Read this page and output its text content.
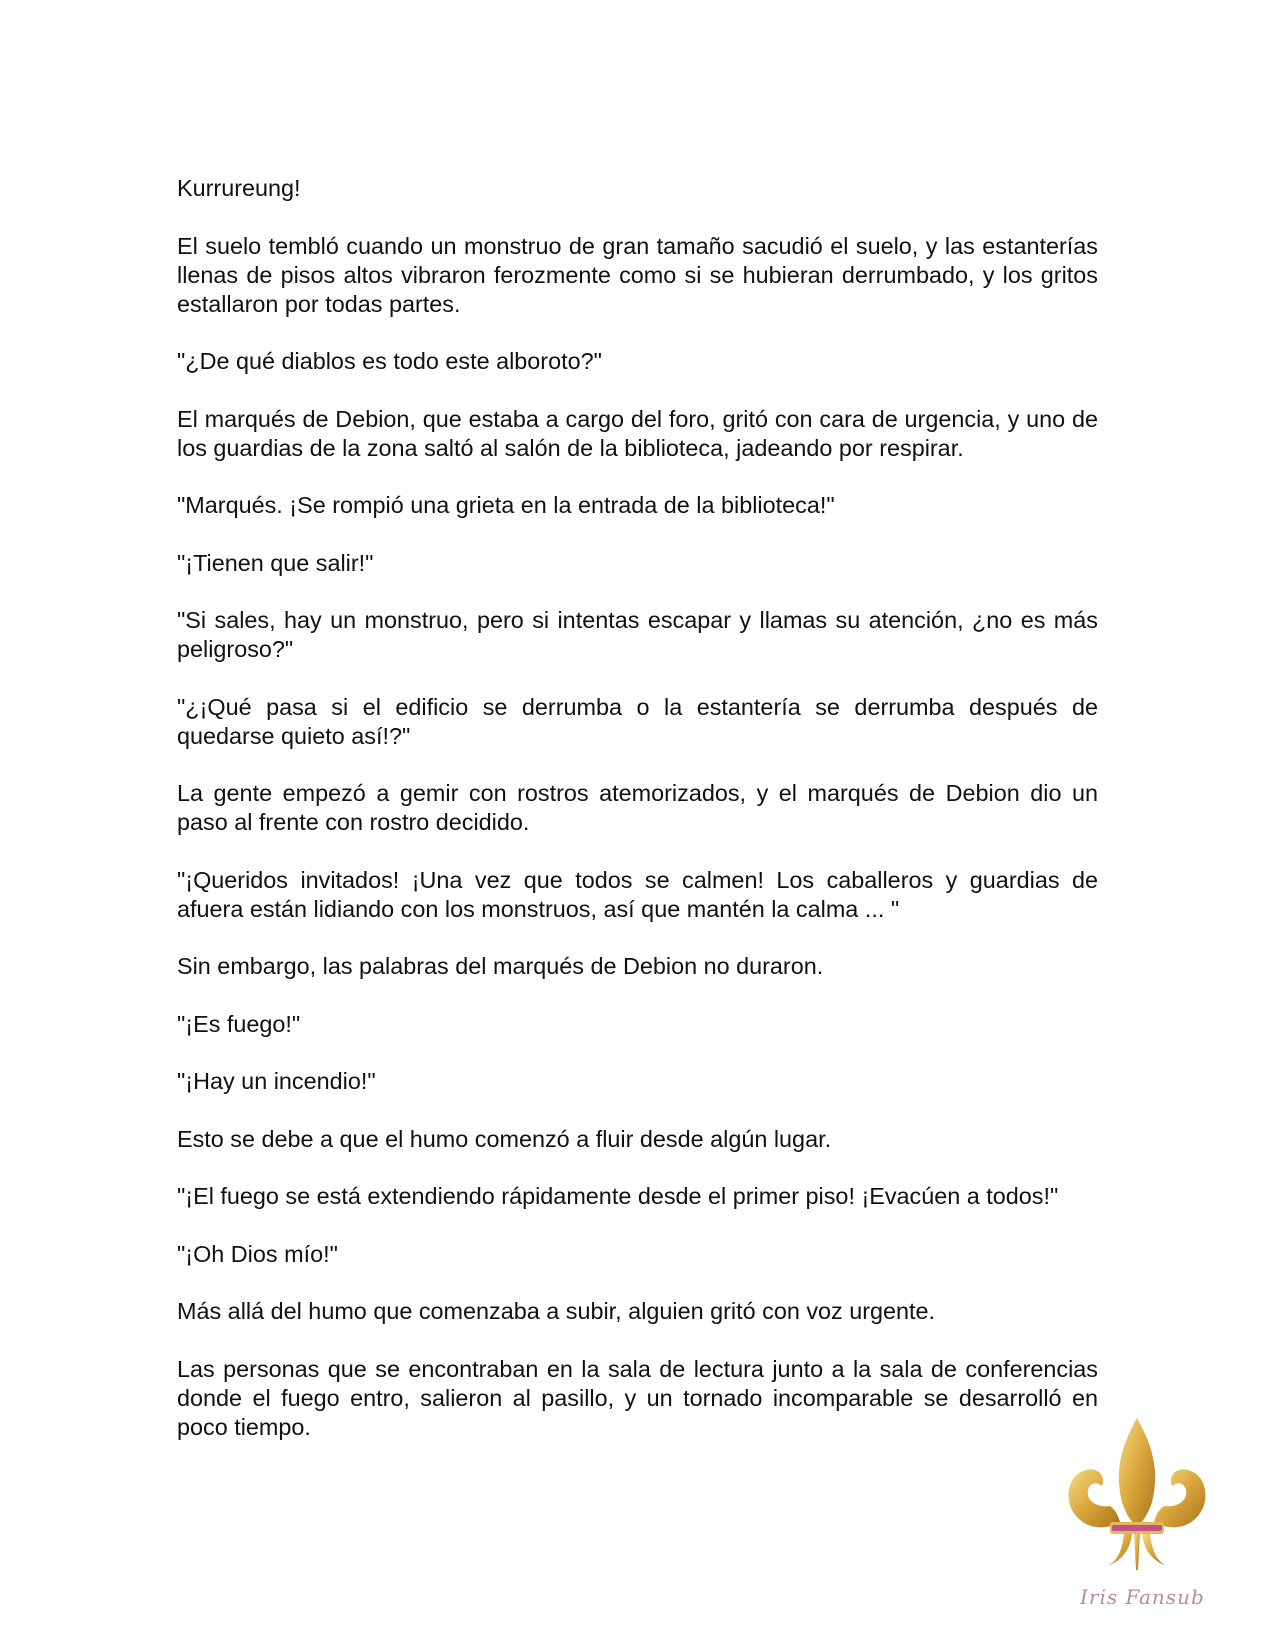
Kurrureung!

El suelo tembló cuando un monstruo de gran tamaño sacudió el suelo, y las estanterías llenas de pisos altos vibraron ferozmente como si se hubieran derrumbado, y los gritos estallaron por todas partes.

"¿De qué diablos es todo este alboroto?"

El marqués de Debion, que estaba a cargo del foro, gritó con cara de urgencia, y uno de los guardias de la zona saltó al salón de la biblioteca, jadeando por respirar.

"Marqués. ¡Se rompió una grieta en la entrada de la biblioteca!"

"¡Tienen que salir!"

"Si sales, hay un monstruo, pero si intentas escapar y llamas su atención, ¿no es más peligroso?"

"¿¡Qué pasa si el edificio se derrumba o la estantería se derrumba después de quedarse quieto así!?"

La gente empezó a gemir con rostros atemorizados, y el marqués de Debion dio un paso al frente con rostro decidido.

"¡Queridos invitados! ¡Una vez que todos se calmen! Los caballeros y guardias de afuera están lidiando con los monstruos, así que mantén la calma ... "

Sin embargo, las palabras del marqués de Debion no duraron.

"¡Es fuego!"

"¡Hay un incendio!"

Esto se debe a que el humo comenzó a fluir desde algún lugar.

"¡El fuego se está extendiendo rápidamente desde el primer piso! ¡Evacúen a todos!"

"¡Oh Dios mío!"

Más allá del humo que comenzaba a subir, alguien gritó con voz urgente.

Las personas que se encontraban en la sala de lectura junto a la sala de conferencias donde el fuego entro, salieron al pasillo, y un tornado incomparable se desarrolló en poco tiempo.

Iris Fansub
